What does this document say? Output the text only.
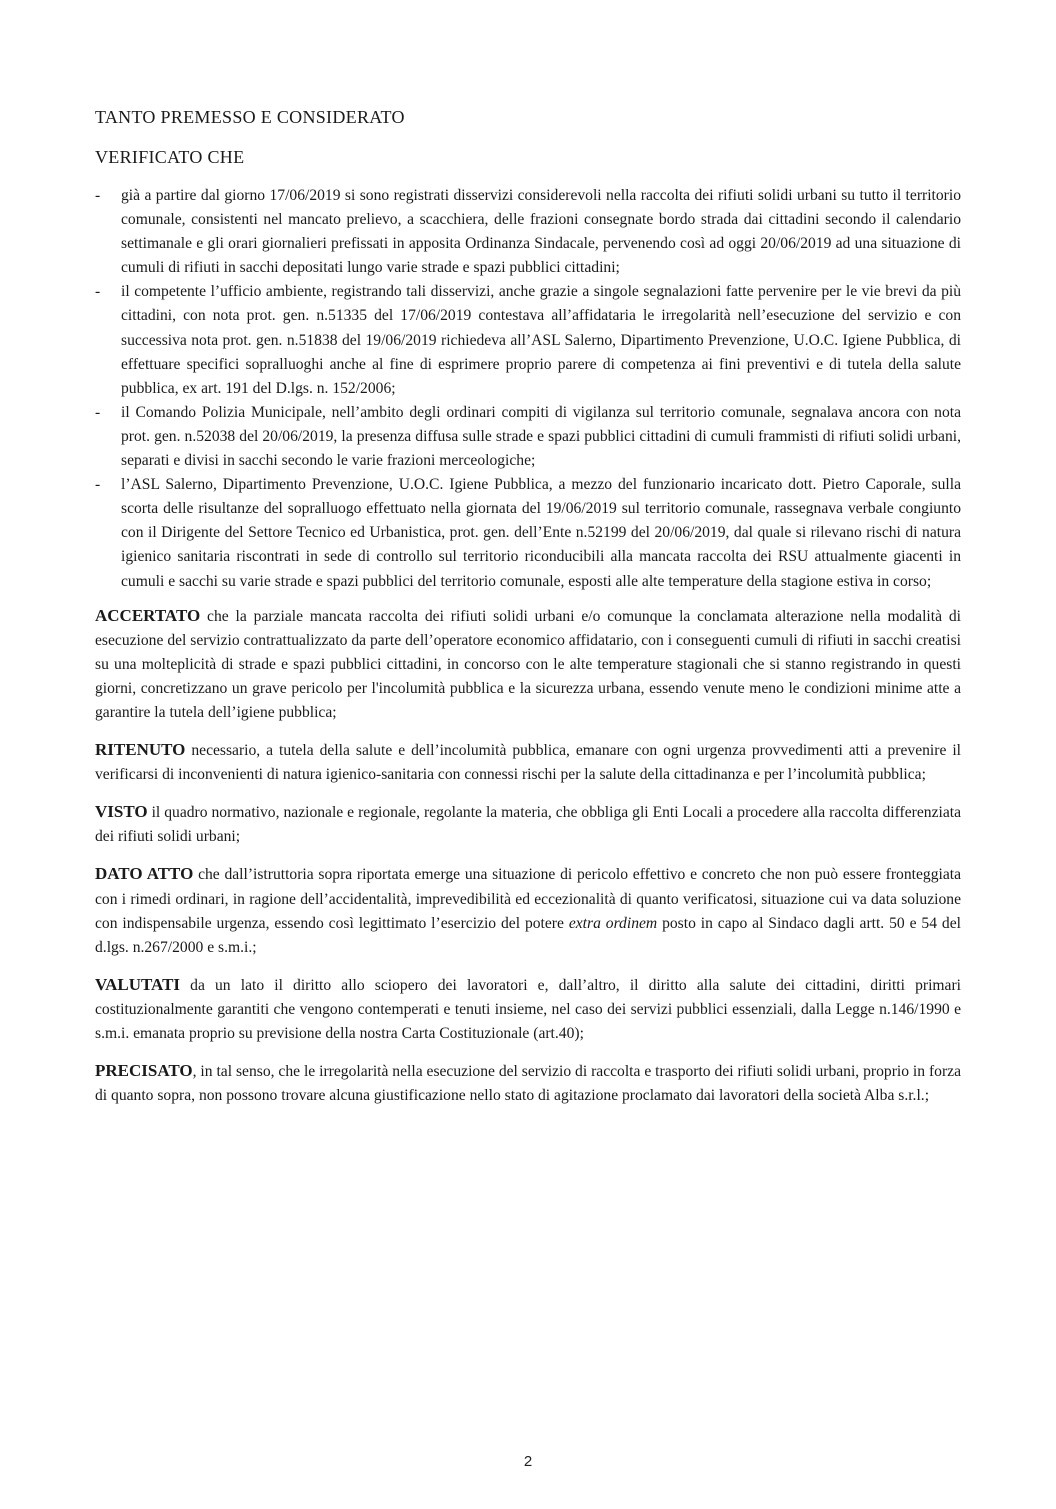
TANTO PREMESSO E CONSIDERATO
VERIFICATO CHE
- già a partire dal giorno 17/06/2019 si sono registrati disservizi considerevoli nella raccolta dei rifiuti solidi urbani su tutto il territorio comunale, consistenti nel mancato prelievo, a scacchiera, delle frazioni consegnate bordo strada dai cittadini secondo il calendario settimanale e gli orari giornalieri prefissati in apposita Ordinanza Sindacale, pervenendo così ad oggi 20/06/2019 ad una situazione di cumuli di rifiuti in sacchi depositati lungo varie strade e spazi pubblici cittadini;
- il competente l’ufficio ambiente, registrando tali disservizi, anche grazie a singole segnalazioni fatte pervenire per le vie brevi da più cittadini, con nota prot. gen. n.51335 del 17/06/2019 contestava all’affidataria le irregolarità nell’esecuzione del servizio e con successiva nota prot. gen. n.51838 del 19/06/2019 richiedeva all’ASL Salerno, Dipartimento Prevenzione, U.O.C. Igiene Pubblica, di effettuare specifici sopralluoghi anche al fine di esprimere proprio parere di competenza ai fini preventivi e di tutela della salute pubblica, ex art. 191 del D.lgs. n. 152/2006;
- il Comando Polizia Municipale, nell’ambito degli ordinari compiti di vigilanza sul territorio comunale, segnalava ancora con nota prot. gen. n.52038 del 20/06/2019, la presenza diffusa sulle strade e spazi pubblici cittadini di cumuli frammisti di rifiuti solidi urbani, separati e divisi in sacchi secondo le varie frazioni merceologiche;
- l’ASL Salerno, Dipartimento Prevenzione, U.O.C. Igiene Pubblica, a mezzo del funzionario incaricato dott. Pietro Caporale, sulla scorta delle risultanze del sopralluogo effettuato nella giornata del 19/06/2019 sul territorio comunale, rassegnava verbale congiunto con il Dirigente del Settore Tecnico ed Urbanistica, prot. gen. dell’Ente n.52199 del 20/06/2019, dal quale si rilevano rischi di natura igienico sanitaria riscontrati in sede di controllo sul territorio riconducibili alla mancata raccolta dei RSU attualmente giacenti in cumuli e sacchi su varie strade e spazi pubblici del territorio comunale, esposti alle alte temperature della stagione estiva in corso;

ACCERTATO che la parziale mancata raccolta dei rifiuti solidi urbani e/o comunque la conclamata alterazione nella modalità di esecuzione del servizio contrattualizzato da parte dell’operatore economico affidatario, con i conseguenti cumuli di rifiuti in sacchi creatisi su una molteplicità di strade e spazi pubblici cittadini, in concorso con le alte temperature stagionali che si stanno registrando in questi giorni, concretizzano un grave pericolo per l'incolumità pubblica e la sicurezza urbana, essendo venute meno le condizioni minime atte a garantire la tutela dell’igiene pubblica;

RITENUTO necessario, a tutela della salute e dell’incolumità pubblica, emanare con ogni urgenza provvedimenti atti a prevenire il verificarsi di inconvenienti di natura igienico-sanitaria con connessi rischi per la salute della cittadinanza e per l’incolumità pubblica;

VISTO il quadro normativo, nazionale e regionale, regolante la materia, che obbliga gli Enti Locali a procedere alla raccolta differenziata dei rifiuti solidi urbani;

DATO ATTO che dall’istruttoria sopra riportata emerge una situazione di pericolo effettivo e concreto che non può essere fronteggiata con i rimedi ordinari, in ragione dell’accidentalità, imprevedibilità ed eccezionalità di quanto verificatosi, situazione cui va data soluzione con indispensabile urgenza, essendo così legittimato l’esercizio del potere extra ordinem posto in capo al Sindaco dagli artt. 50 e 54 del d.lgs. n.267/2000 e s.m.i.;

VALUTATI da un lato il diritto allo sciopero dei lavoratori e, dall’altro, il diritto alla salute dei cittadini, diritti primari costituzionalmente garantiti che vengono contemperati e tenuti insieme, nel caso dei servizi pubblici essenziali, dalla Legge n.146/1990 e s.m.i. emanata proprio su previsione della nostra Carta Costituzionale (art.40);

PRECISATO, in tal senso, che le irregolarità nella esecuzione del servizio di raccolta e trasporto dei rifiuti solidi urbani, proprio in forza di quanto sopra, non possono trovare alcuna giustificazione nello stato di agitazione proclamato dai lavoratori della società Alba s.r.l.;

2
